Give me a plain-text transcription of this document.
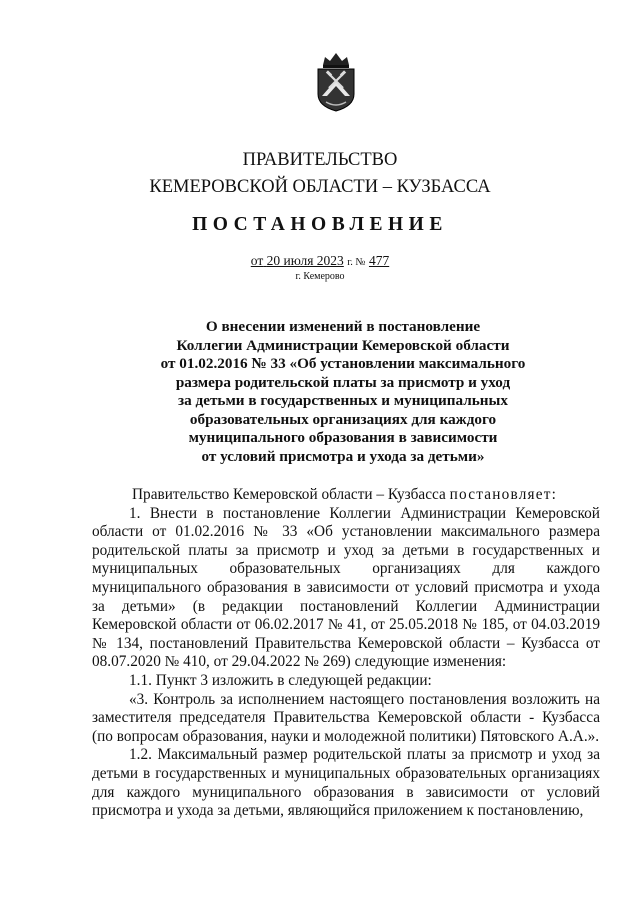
ПРАВИТЕЛЬСТВО
КЕМЕРОВСКОЙ ОБЛАСТИ – КУЗБАССА
ПОСТАНОВЛЕНИЕ
от 20 июля 2023 г. № 477
г. Кемерово
О внесении изменений в постановление
Коллегии Администрации Кемеровской области
от 01.02.2016 № 33 «Об установлении максимального
размера родительской платы за присмотр и уход
за детьми в государственных и муниципальных
образовательных организациях для каждого
муниципального образования в зависимости
от условий присмотра и ухода за детьми»

Правительство Кемеровской области – Кузбасса постановляет:

1. Внести в постановление Коллегии Администрации Кемеровской области от 01.02.2016 № 33 «Об установлении максимального размера родительской платы за присмотр и уход за детьми в государственных и муниципальных образовательных организациях для каждого муниципального образования в зависимости от условий присмотра и ухода за детьми» (в редакции постановлений Коллегии Администрации Кемеровской области от 06.02.2017 № 41, от 25.05.2018 № 185, от 04.03.2019 № 134, постановлений Правительства Кемеровской области – Кузбасса от 08.07.2020 № 410, от 29.04.2022 № 269) следующие изменения:

1.1. Пункт 3 изложить в следующей редакции:

«3. Контроль за исполнением настоящего постановления возложить на заместителя председателя Правительства Кемеровской области - Кузбасса (по вопросам образования, науки и молодежной политики) Пятовского А.А.».

1.2. Максимальный размер родительской платы за присмотр и уход за детьми в государственных и муниципальных образовательных организациях для каждого муниципального образования в зависимости от условий присмотра и ухода за детьми, являющийся приложением к постановлению,
